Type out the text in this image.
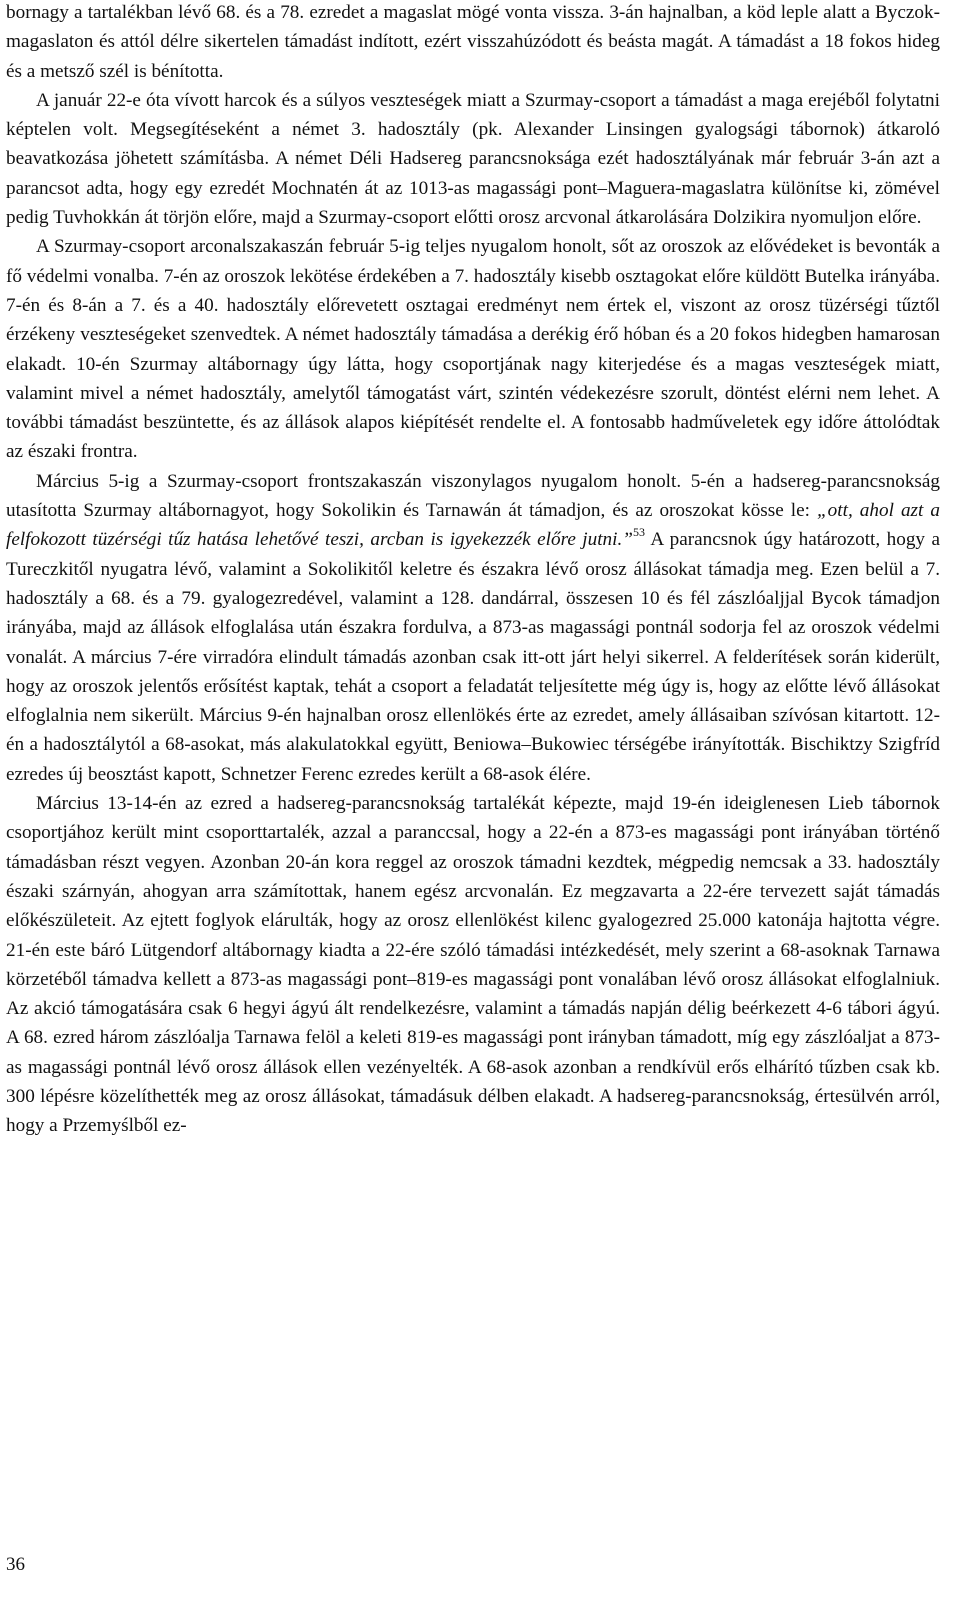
bornagy a tartalékban lévő 68. és a 78. ezredet a magaslat mögé vonta vissza. 3-án hajnalban, a köd leple alatt a Byczok-magaslaton és attól délre sikertelen támadást indított, ezért visszahúzódott és beásta magát. A támadást a 18 fokos hideg és a metsző szél is bénította.

A január 22-e óta vívott harcok és a súlyos veszteségek miatt a Szurmay-csoport a támadást a maga erejéből folytatni képtelen volt. Megsegítéseként a német 3. hadosztály (pk. Alexander Linsingen gyalogsági tábornok) átkaroló beavatkozása jöhetett számításba. A német Déli Hadsereg parancsnoksága ezét hadosztályának már február 3-án azt a parancsot adta, hogy egy ezredét Mochnatén át az 1013-as magassági pont–Maguera-magaslatra különítse ki, zömével pedig Tuvhokkán át törjön előre, majd a Szurmay-csoport előtti orosz arcvonal átkarolására Dolzikira nyomuljon előre.

A Szurmay-csoport arconalszakaszán február 5-ig teljes nyugalom honolt, sőt az oroszok az elővédeket is bevonták a fő védelmi vonalba. 7-én az oroszok lekötése érdekében a 7. hadosztály kisebb osztagokat előre küldött Butelka irányába. 7-én és 8-án a 7. és a 40. hadosztály előrevetett osztagai eredményt nem értek el, viszont az orosz tüzérségi tűztől érzékeny veszteségeket szenvedtek. A német hadosztály támadása a derékig érő hóban és a 20 fokos hidegben hamarosan elakadt. 10-én Szurmay altábornagy úgy látta, hogy csoportjának nagy kiterjedése és a magas veszteségek miatt, valamint mivel a német hadosztály, amelytől támogatást várt, szintén védekezésre szorult, döntést elérni nem lehet. A további támadást beszüntette, és az állások alapos kiépítését rendelte el. A fontosabb hadműveletek egy időre áttolódtak az északi frontra.

Március 5-ig a Szurmay-csoport frontszakaszán viszonylagos nyugalom honolt. 5-én a hadsereg-parancsnokság utasította Szurmay altábornagyot, hogy Sokolikin és Tarnawán át támadjon, és az oroszokat kösse le: „ott, ahol azt a felfokozott tüzérségi tűz hatása lehetővé teszi, arcban is igyekezzék előre jutni.”$^{53}$ A parancsnok úgy határozott, hogy a Tureczkitől nyugatra lévő, valamint a Sokolikitől keletre és északra lévő orosz állásokat támadja meg. Ezen belül a 7. hadosztály a 68. és a 79. gyalogezredével, valamint a 128. dandárral, összesen 10 és fél zászlóaljjal Bycok támadjon irányába, majd az állások elfoglalása után északra fordulva, a 873-as magassági pontnál sodorja fel az oroszok védelmi vonalát. A március 7-ére virradóra elindult támadás azonban csak itt-ott járt helyi sikerrel. A felderítések során kiderült, hogy az oroszok jelentős erősítést kaptak, tehát a csoport a feladatát teljesítette még úgy is, hogy az előtte lévő állásokat elfoglalnia nem sikerült. Március 9-én hajnalban orosz ellenlökés érte az ezredet, amely állásaiban szívósan kitartott. 12-én a hadosztálytól a 68-asokat, más alakulatokkal együtt, Beniowa–Bukowiec térségébe irányították. Bischiktzy Szigfríd ezredes új beosztást kapott, Schnetzer Ferenc ezredes került a 68-asok élére.

Március 13-14-én az ezred a hadsereg-parancsnokság tartalékát képezte, majd 19-én ideiglenesen Lieb tábornok csoportjához került mint csoporttartalék, azzal a paranccsal, hogy a 22-én a 873-es magassági pont irányában történő támadásban részt vegyen. Azonban 20-án kora reggel az oroszok támadni kezdtek, mégpedig nemcsak a 33. hadosztály északi szárnyán, ahogyan arra számítottak, hanem egész arcvonalán. Ez megzavarta a 22-ére tervezett saját támadás előkészületeit. Az ejtett foglyok elárulták, hogy az orosz ellenlökést kilenc gyalogezred 25.000 katonája hajtotta végre. 21-én este báró Lütgendorf altábornagy kiadta a 22-ére szóló támadási intézkedését, mely szerint a 68-asoknak Tarnawa körzetéből támadva kellett a 873-as magassági pont–819-es magassági pont vonalában lévő orosz állásokat elfoglalniuk. Az akció támogatására csak 6 hegyi ágyú ált rendelkezésre, valamint a támadás napján délig beérkezett 4-6 tábori ágyú. A 68. ezred három zászlóalja Tarnawa felöl a keleti 819-es magassági pont irányban támadott, míg egy zászlóaljat a 873-as magassági pontnál lévő orosz állások ellen vezényelték. A 68-asok azonban a rendkívül erős elhárító tűzben csak kb. 300 lépésre közelíthették meg az orosz állásokat, támadásuk délben elakadt. A hadsereg-parancsnokság, értesülvén arról, hogy a Przemyślből ez-

36
